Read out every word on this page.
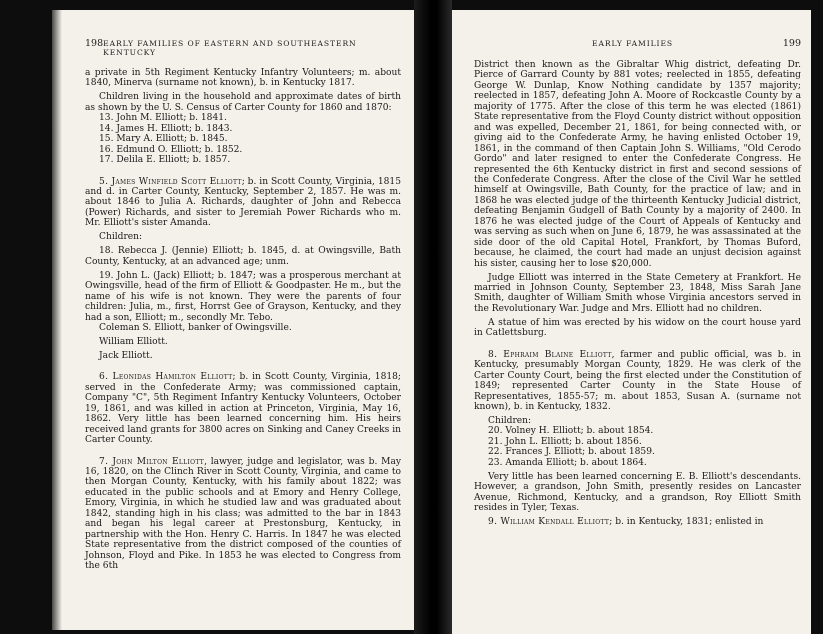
198 EARLY FAMILIES OF EASTERN AND SOUTHEASTERN KENTUCKY

a private in 5th Regiment Kentucky Infantry Volunteers; m. about 1840, Minerva (surname not known), b. in Kentucky 1817.

Children living in the household and approximate dates of birth as shown by the U. S. Census of Carter County for 1860 and 1870:

13. John M. Elliott; b. 1841.
14. James H. Elliott; b. 1843.
15. Mary A. Elliott; b. 1845.
16. Edmund O. Elliott; b. 1852.
17. Delila E. Elliott; b. 1857.

5. James Winfield Scott Elliott; b. in Scott County, Virginia, 1815 and d. in Carter County, Kentucky, September 2, 1857. He was m. about 1846 to Julia A. Richards, daughter of John and Rebecca (Power) Richards, and sister to Jeremiah Power Richards who m. Mr. Elliott's sister Amanda.

Children:

18. Rebecca J. (Jennie) Elliott; b. 1845, d. at Owingsville, Bath County, Kentucky, at an advanced age; unm.

19. John L. (Jack) Elliott; b. 1847; was a prosperous merchant at Owingsville, head of the firm of Elliott & Goodpaster. He m., but the name of his wife is not known. They were the parents of four children: Julia, m., first, Horrst Gee of Grayson, Kentucky, and they had a son, Elliott; m., secondly Mr. Tebo.

Coleman S. Elliott, banker of Owingsville.

William Elliott.

Jack Elliott.

6. Leonidas Hamilton Elliott; b. in Scott County, Virginia, 1818; served in the Confederate Army; was commissioned captain, Company "C", 5th Regiment Infantry Kentucky Volunteers, October 19, 1861, and was killed in action at Princeton, Virginia, May 16, 1862. Very little has been learned concerning him. His heirs received land grants for 3800 acres on Sinking and Caney Creeks in Carter County.

7. John Milton Elliott, lawyer, judge and legislator, was b. May 16, 1820, on the Clinch River in Scott County, Virginia, and came to then Morgan County, Kentucky, with his family about 1822; was educated in the public schools and at Emory and Henry College, Emory, Virginia, in which he studied law and was graduated about 1842, standing high in his class; was admitted to the bar in 1843 and began his legal career at Prestonsburg, Kentucky, in partnership with the Hon. Henry C. Harris. In 1847 he was elected State representative from the district composed of the counties of Johnson, Floyd and Pike. In 1853 he was elected to Congress from the 6th

EARLY FAMILIES	199

District then known as the Gibraltar Whig district, defeating Dr. Pierce of Garrard County by 881 votes; reelected in 1855, defeating George W. Dunlap, Know Nothing candidate by 1357 majority; reelected in 1857, defeating John A. Moore of Rockcastle County by a majority of 1775. After the close of this term he was elected (1861) State representative from the Floyd County district without opposition and was expelled, December 21, 1861, for being connected with, or giving aid to the Confederate Army, he having enlisted October 19, 1861, in the command of then Captain John S. Williams, "Old Cerodo Gordo" and later resigned to enter the Confederate Congress. He represented the 6th Kentucky district in first and second sessions of the Confederate Congress. After the close of the Civil War he settled himself at Owingsville, Bath County, for the practice of law; and in 1868 he was elected judge of the thirteenth Kentucky Judicial district, defeating Benjamin Gudgell of Bath County by a majority of 2400. In 1876 he was elected judge of the Court of Appeals of Kentucky and was serving as such when on June 6, 1879, he was assassinated at the side door of the old Capital Hotel, Frankfort, by Thomas Buford, because, he claimed, the court had made an unjust decision against his sister, causing her to lose $20,000.

Judge Elliott was interred in the State Cemetery at Frankfort. He married in Johnson County, September 23, 1848, Miss Sarah Jane Smith, daughter of William Smith whose Virginia ancestors served in the Revolutionary War. Judge and Mrs. Elliott had no children.

A statue of him was erected by his widow on the court house yard in Catlettsburg.

8. Ephraim Blaine Elliott, farmer and public official, was b. in Kentucky, presumably Morgan County, 1829. He was clerk of the Carter County Court, being the first elected under the Constitution of 1849; represented Carter County in the State House of Representatives, 1855-57; m. about 1853, Susan A. (surname not known), b. in Kentucky, 1832.

Children:

20. Volney H. Elliott; b. about 1854.
21. John L. Elliott; b. about 1856.
22. Frances J. Elliott; b. about 1859.
23. Amanda Elliott; b. about 1864.

Very little has been learned concerning E. B. Elliott's descendants. However, a grandson, John Smith, presently resides on Lancaster Avenue, Richmond, Kentucky, and a grandson, Roy Elliott Smith resides in Tyler, Texas.

9. William Kendall Elliott; b. in Kentucky, 1831; enlisted in
